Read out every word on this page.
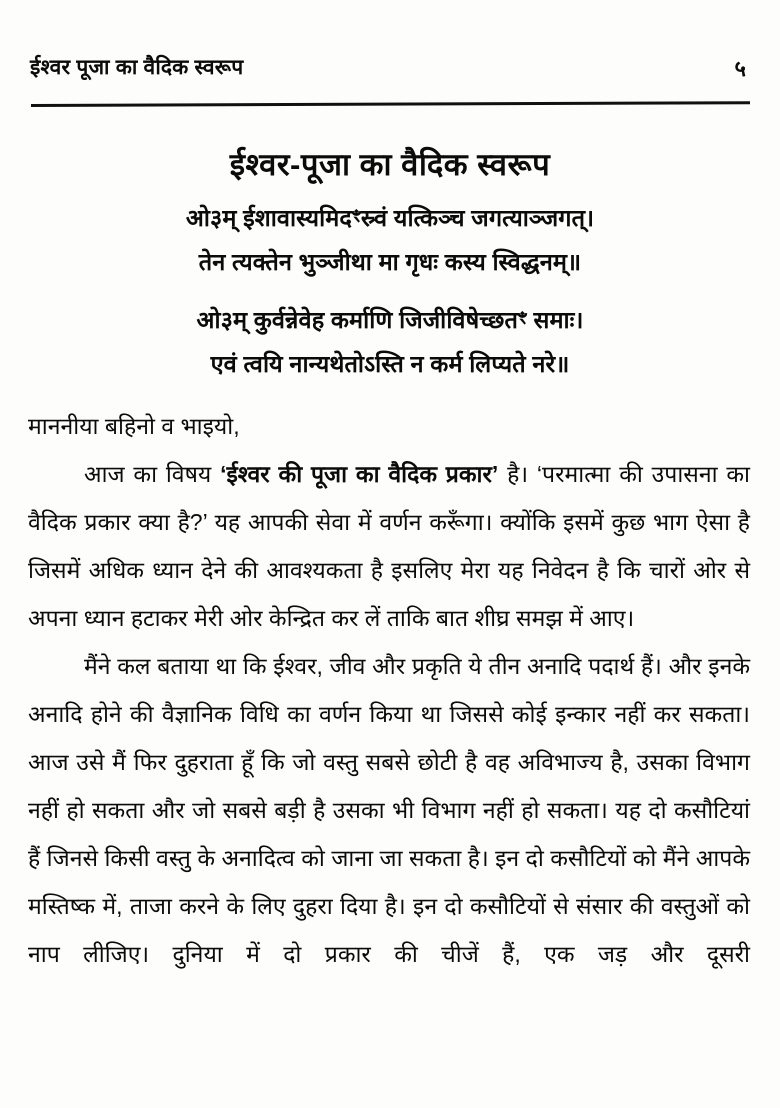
ईश्वर पूजा का वैदिक स्वरूप	५
ईश्वर-पूजा का वैदिक स्वरूप
ओ३म् ईशावास्यमिदꣳस्र्वं यत्किञ्च जगत्याञ्जगत्।
तेन त्यक्तेन भुञ्जीथा मा गृधः कस्य स्विद्धनम्॥
ओ३म् कुर्वन्नेवेह कर्माणि जिजीविषेच्छतꣳ समाः।
एवं त्वयि नान्यथेतोऽस्ति न कर्म लिप्यते नरे॥

माननीया बहिनो व भाइयो,

आज का विषय ‘ईश्वर की पूजा का वैदिक प्रकार’ है। ‘परमात्मा की उपासना का वैदिक प्रकार क्या है?’ यह आपकी सेवा में वर्णन करूँगा। क्योंकि इसमें कुछ भाग ऐसा है जिसमें अधिक ध्यान देने की आवश्यकता है इसलिए मेरा यह निवेदन है कि चारों ओर से अपना ध्यान हटाकर मेरी ओर केन्द्रित कर लें ताकि बात शीघ्र समझ में आए।

मैंने कल बताया था कि ईश्वर, जीव और प्रकृति ये तीन अनादि पदार्थ हैं। और इनके अनादि होने की वैज्ञानिक विधि का वर्णन किया था जिससे कोई इन्कार नहीं कर सकता। आज उसे मैं फिर दुहराता हूँ कि जो वस्तु सबसे छोटी है वह अविभाज्य है, उसका विभाग नहीं हो सकता और जो सबसे बड़ी है उसका भी विभाग नहीं हो सकता। यह दो कसौटियां हैं जिनसे किसी वस्तु के अनादित्व को जाना जा सकता है। इन दो कसौटियों को मैंने आपके मस्तिष्क में, ताजा करने के लिए दुहरा दिया है। इन दो कसौटियों से संसार की वस्तुओं को नाप लीजिए। दुनिया में दो प्रकार की चीजें हैं, एक जड़ और दूसरी
